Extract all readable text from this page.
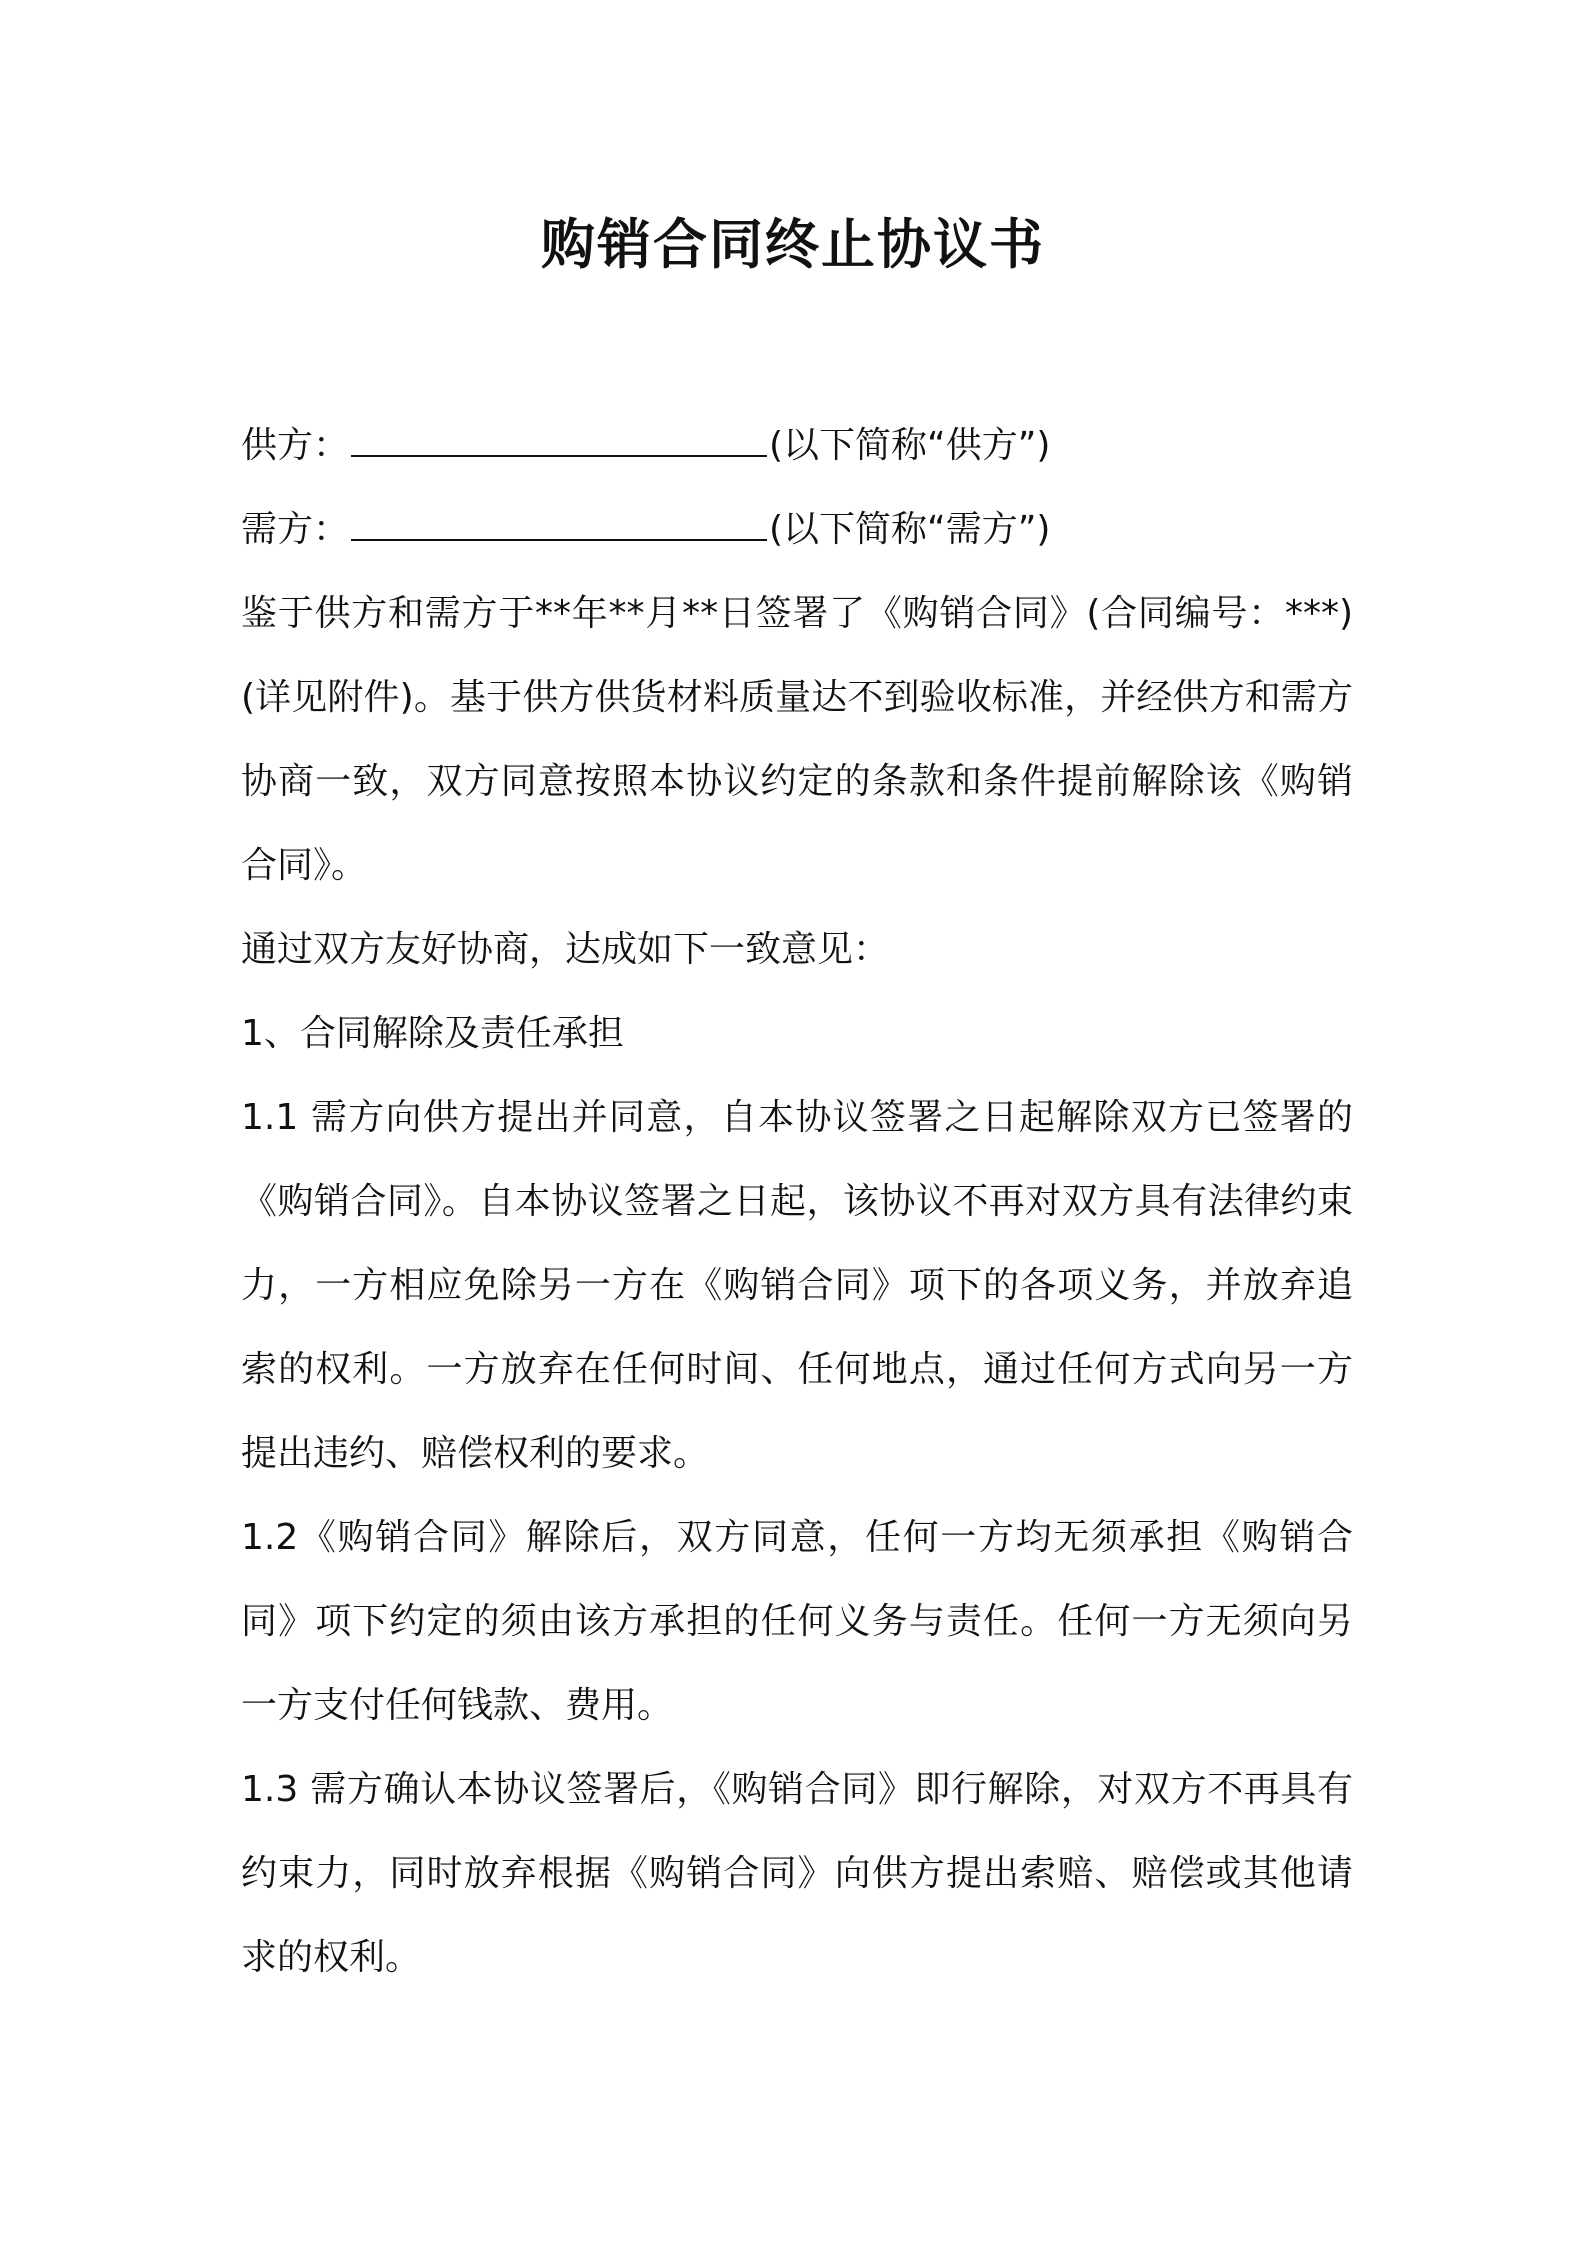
购销合同终止协议书

供方：	(以下简称“供方”)

需方：	(以下简称“需方”)

鉴于供方和需方于**年**月**日签署了《购销合同》(合同编号：***)(详见附件)。基于供方供货材料质量达不到验收标准，并经供方和需方协商一致，双方同意按照本协议约定的条款和条件提前解除该《购销合同》。

通过双方友好协商，达成如下一致意见：

1、合同解除及责任承担

1.1 需方向供方提出并同意，自本协议签署之日起解除双方已签署的《购销合同》。自本协议签署之日起，该协议不再对双方具有法律约束力，一方相应免除另一方在《购销合同》项下的各项义务，并放弃追索的权利。一方放弃在任何时间、任何地点，通过任何方式向另一方提出违约、赔偿权利的要求。

1.2《购销合同》解除后，双方同意，任何一方均无须承担《购销合同》项下约定的须由该方承担的任何义务与责任。任何一方无须向另一方支付任何钱款、费用。

1.3 需方确认本协议签署后，《购销合同》即行解除，对双方不再具有约束力，同时放弃根据《购销合同》向供方提出索赔、赔偿或其他请求的权利。
